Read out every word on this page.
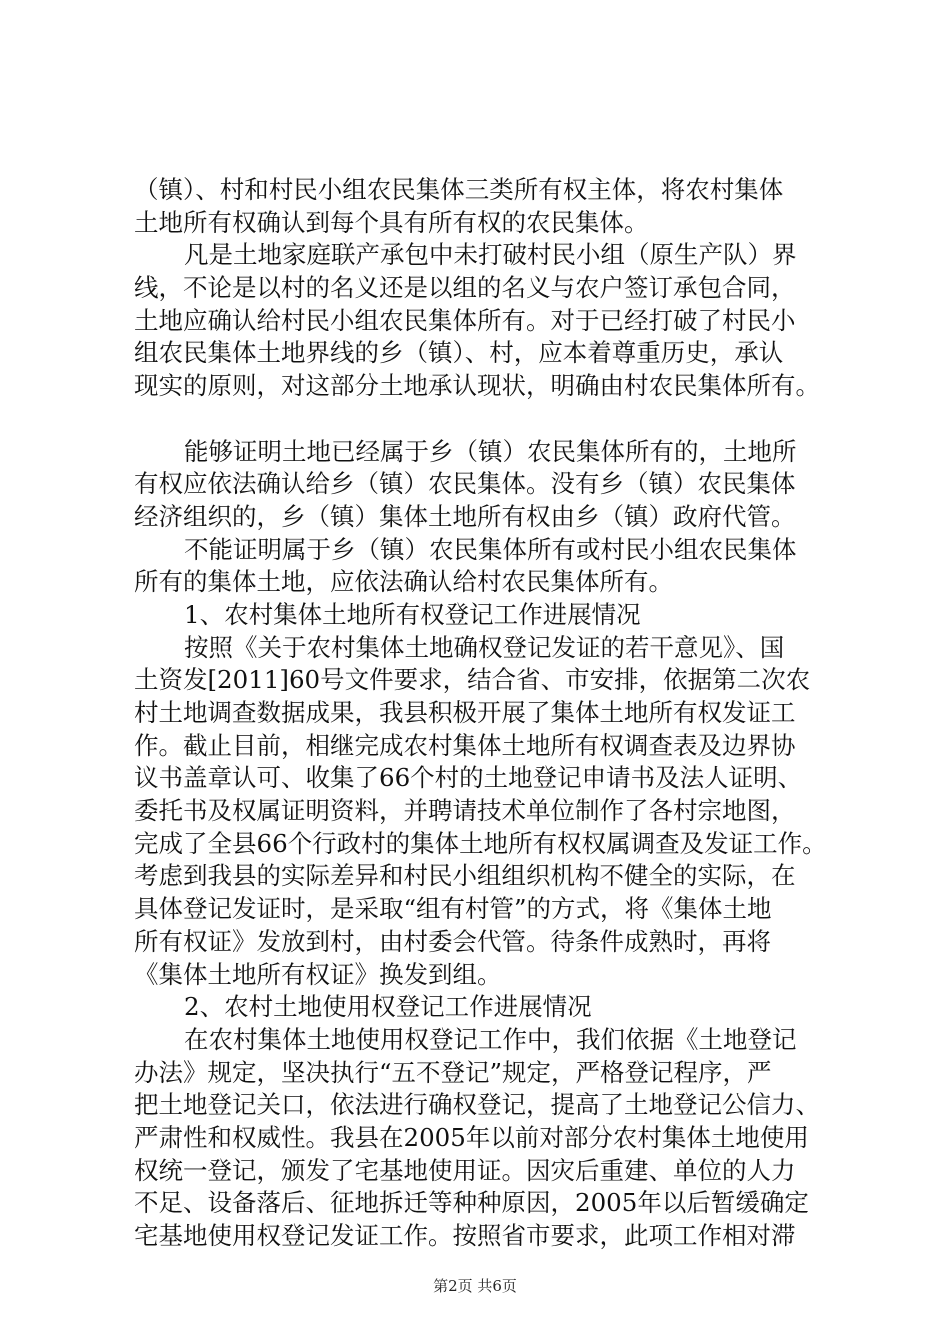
（镇）、村和村民小组农民集体三类所有权主体，将农村集体
土地所有权确认到每个具有所有权的农民集体。
凡是土地家庭联产承包中未打破村民小组（原生产队）界
线，不论是以村的名义还是以组的名义与农户签订承包合同，
土地应确认给村民小组农民集体所有。对于已经打破了村民小
组农民集体土地界线的乡（镇）、村，应本着尊重历史，承认
现实的原则，对这部分土地承认现状，明确由村农民集体所有。
能够证明土地已经属于乡（镇）农民集体所有的，土地所
有权应依法确认给乡（镇）农民集体。没有乡（镇）农民集体
经济组织的，乡（镇）集体土地所有权由乡（镇）政府代管。
不能证明属于乡（镇）农民集体所有或村民小组农民集体
所有的集体土地，应依法确认给村农民集体所有。
1、农村集体土地所有权登记工作进展情况
按照《关于农村集体土地确权登记发证的若干意见》、国
土资发[2011]60号文件要求，结合省、市安排，依据第二次农
村土地调查数据成果，我县积极开展了集体土地所有权发证工
作。截止目前，相继完成农村集体土地所有权调查表及边界协
议书盖章认可、收集了66个村的土地登记申请书及法人证明、
委托书及权属证明资料，并聘请技术单位制作了各村宗地图，
完成了全县66个行政村的集体土地所有权权属调查及发证工作。
考虑到我县的实际差异和村民小组组织机构不健全的实际，在
具体登记发证时，是采取“组有村管”的方式，将《集体土地
所有权证》发放到村，由村委会代管。待条件成熟时，再将
《集体土地所有权证》换发到组。
2、农村土地使用权登记工作进展情况
在农村集体土地使用权登记工作中，我们依据《土地登记
办法》规定，坚决执行“五不登记”规定，严格登记程序，严
把土地登记关口，依法进行确权登记，提高了土地登记公信力、
严肃性和权威性。我县在2005年以前对部分农村集体土地使用
权统一登记，颁发了宅基地使用证。因灾后重建、单位的人力
不足、设备落后、征地拆迁等种种原因，2005年以后暂缓确定
宅基地使用权登记发证工作。按照省市要求，此项工作相对滞
第2页 共6页
